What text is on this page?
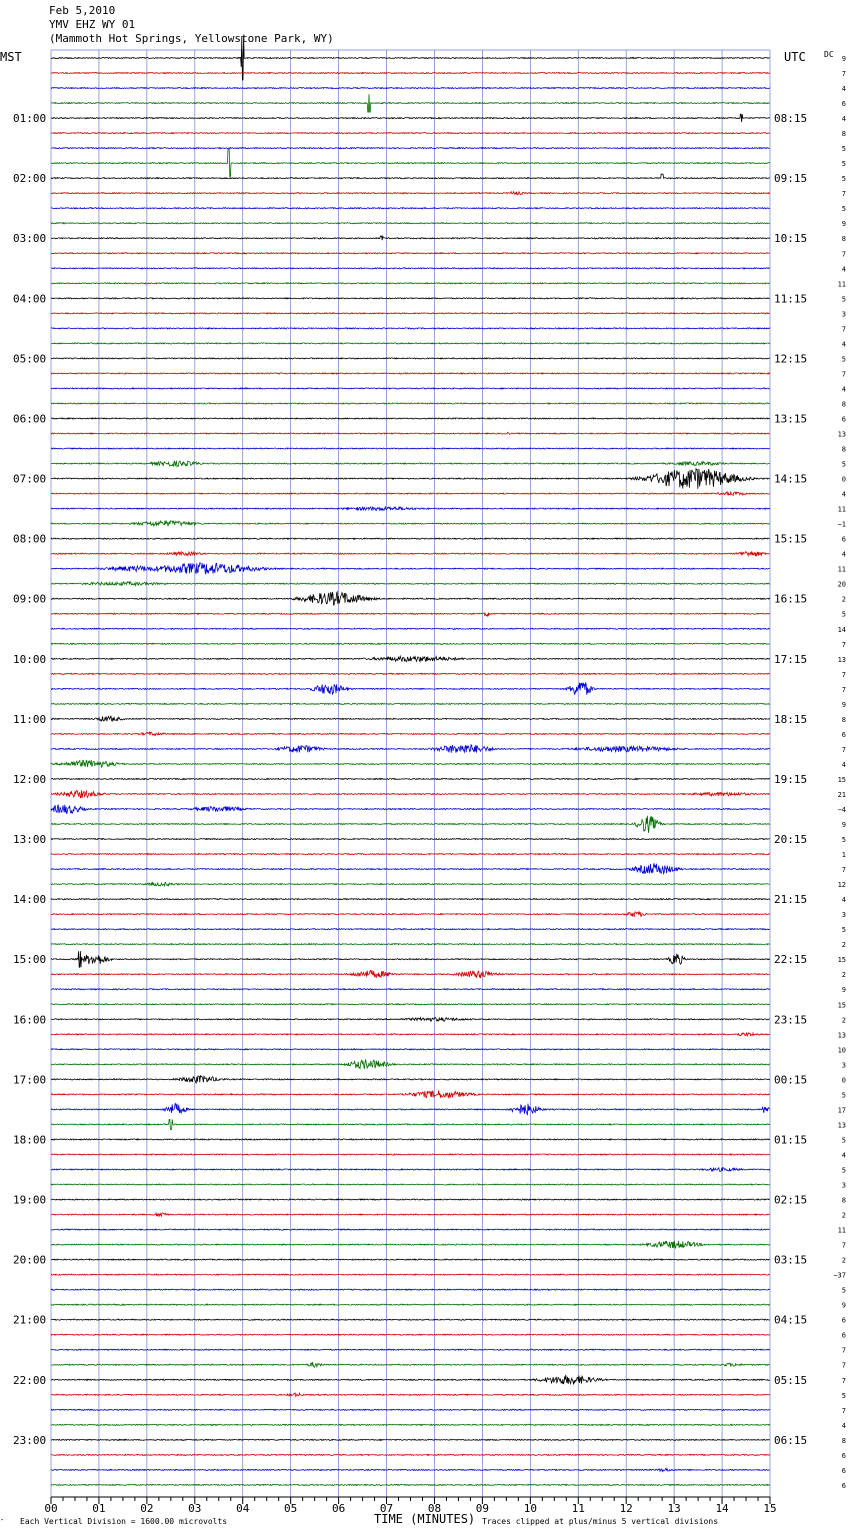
Feb 5,2010
YMV EHZ WY 01
(Mammoth Hot Springs, Yellowstone Park, WY)
01:00
02:00
03:00
04:00
05:00
06:00
07:00
08:00
09:00
10:00
11:00
12:00
13:00
14:00
15:00
16:00
17:00
18:00
19:00
20:00
21:00
22:00
23:00
08:15
09:15
10:15
11:15
12:15
13:15
14:15
15:15
16:15
17:15
18:15
19:15
20:15
21:15
22:15
23:15
00:15
01:15
02:15
03:15
04:15
05:15
06:15
9
7
4
6
4
8
5
5
5
7
5
9
8
7
4
11
5
3
7
4
5
7
4
8
6
13
8
5
0
4
11
−1
6
4
11
20
2
5
14
7
13
7
7
9
8
6
7
4
15
21
−4
9
5
1
7
12
4
3
5
2
15
2
9
15
2
13
10
3
0
5
17
13
5
4
5
3
8
2
11
7
2
−37
5
9
6
6
7
7
7
5
7
4
8
6
6
6
00	01	02	03	04	05	06	07	08	09	10	11	12	13	14	15
MST	UTC DC
″ Each Vertical Division = 1600.00 microvolts	TIME (MINUTES) Traces clipped at plus/minus 5 vertical divisions
